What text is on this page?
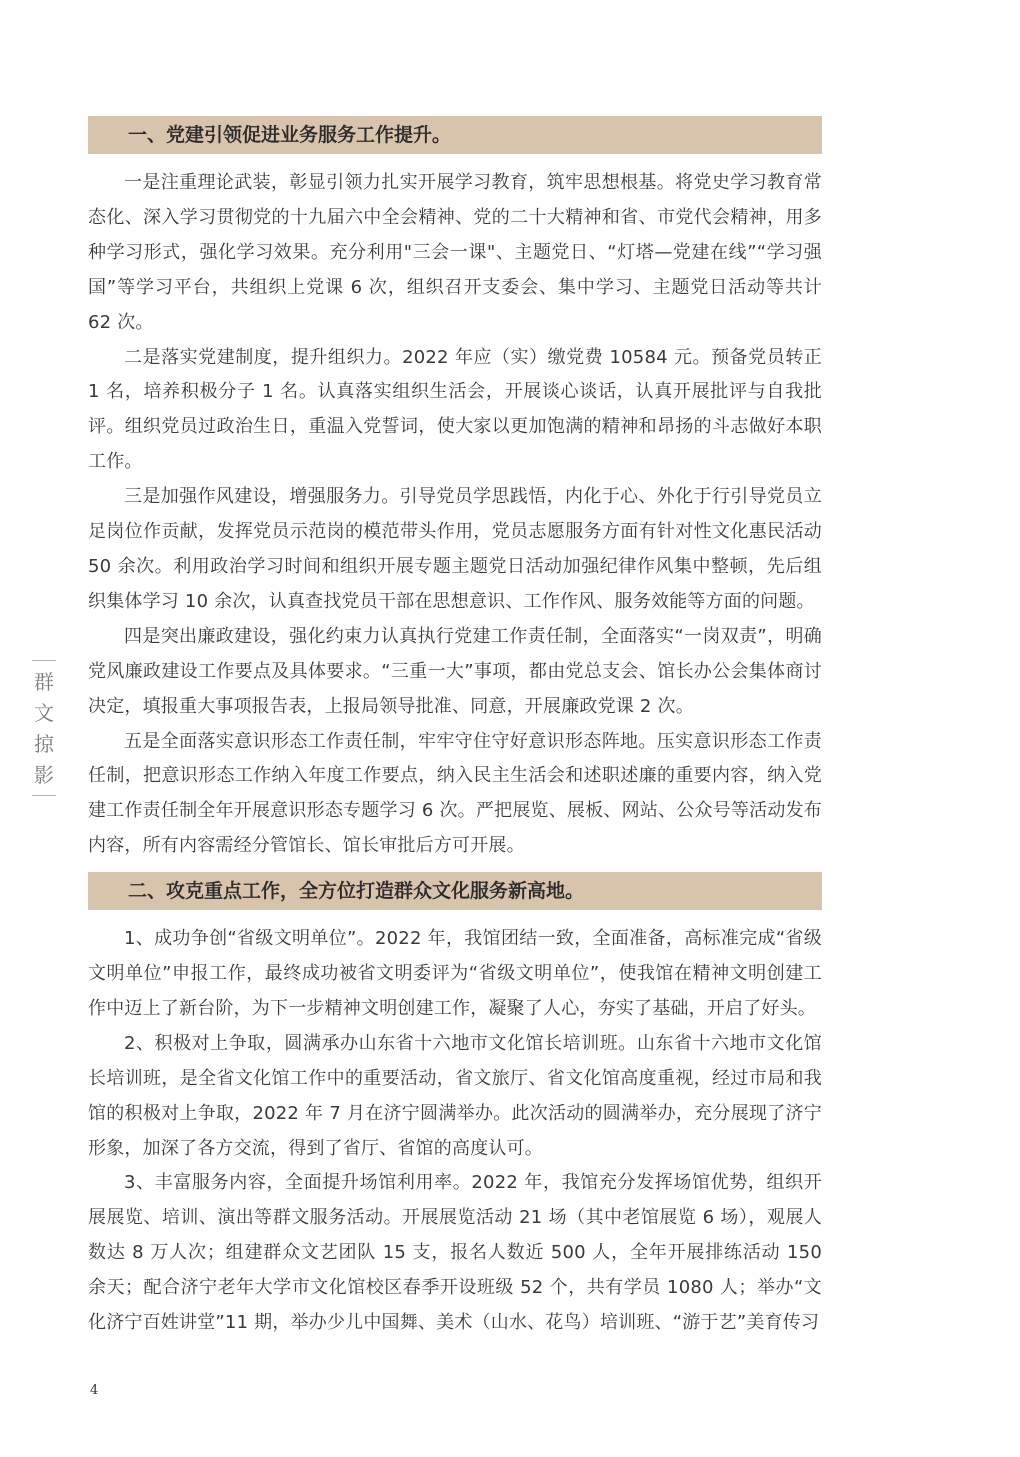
群
文
掠
影
一、党建引领促进业务服务工作提升。

一是注重理论武装，彰显引领力扎实开展学习教育，筑牢思想根基。将党史学习教育常态化、深入学习贯彻党的十九届六中全会精神、党的二十大精神和省、市党代会精神，用多种学习形式，强化学习效果。充分利用"三会一课"、主题党日、“灯塔—党建在线”“学习强国”等学习平台，共组织上党课 6 次，组织召开支委会、集中学习、主题党日活动等共计 62 次。

二是落实党建制度，提升组织力。2022 年应（实）缴党费 10584 元。预备党员转正 1 名，培养积极分子 1 名。认真落实组织生活会，开展谈心谈话，认真开展批评与自我批评。组织党员过政治生日，重温入党誓词，使大家以更加饱满的精神和昂扬的斗志做好本职工作。

三是加强作风建设，增强服务力。引导党员学思践悟，内化于心、外化于行引导党员立足岗位作贡献，发挥党员示范岗的模范带头作用，党员志愿服务方面有针对性文化惠民活动 50 余次。利用政治学习时间和组织开展专题主题党日活动加强纪律作风集中整顿，先后组织集体学习 10 余次，认真查找党员干部在思想意识、工作作风、服务效能等方面的问题。

四是突出廉政建设，强化约束力认真执行党建工作责任制，全面落实“一岗双责”，明确党风廉政建设工作要点及具体要求。“三重一大”事项，都由党总支会、馆长办公会集体商讨决定，填报重大事项报告表，上报局领导批准、同意，开展廉政党课 2 次。

五是全面落实意识形态工作责任制，牢牢守住守好意识形态阵地。压实意识形态工作责任制，把意识形态工作纳入年度工作要点，纳入民主生活会和述职述廉的重要内容，纳入党建工作责任制全年开展意识形态专题学习 6 次。严把展览、展板、网站、公众号等活动发布内容，所有内容需经分管馆长、馆长审批后方可开展。

二、攻克重点工作，全方位打造群众文化服务新高地。

1、成功争创“省级文明单位”。2022 年，我馆团结一致，全面准备，高标准完成“省级文明单位”申报工作，最终成功被省文明委评为“省级文明单位”，使我馆在精神文明创建工作中迈上了新台阶，为下一步精神文明创建工作，凝聚了人心，夯实了基础，开启了好头。

2、积极对上争取，圆满承办山东省十六地市文化馆长培训班。山东省十六地市文化馆长培训班，是全省文化馆工作中的重要活动，省文旅厅、省文化馆高度重视，经过市局和我馆的积极对上争取，2022 年 7 月在济宁圆满举办。此次活动的圆满举办，充分展现了济宁形象，加深了各方交流，得到了省厅、省馆的高度认可。

3、丰富服务内容，全面提升场馆利用率。2022 年，我馆充分发挥场馆优势，组织开展展览、培训、演出等群文服务活动。开展展览活动 21 场（其中老馆展览 6 场），观展人数达 8 万人次；组建群众文艺团队 15 支，报名人数近 500 人，全年开展排练活动 150 余天；配合济宁老年大学市文化馆校区春季开设班级 52 个，共有学员 1080 人；举办“文化济宁百姓讲堂”11 期，举办少儿中国舞、美术（山水、花鸟）培训班、“游于艺”美育传习

4
